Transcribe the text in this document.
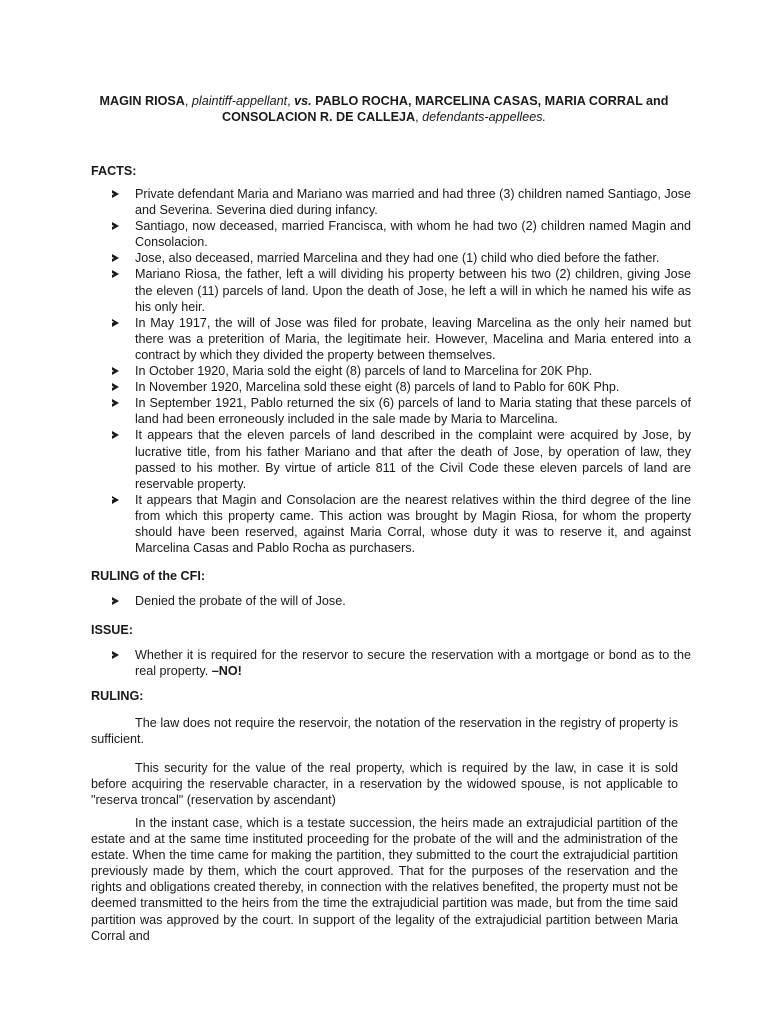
MAGIN RIOSA, plaintiff-appellant, vs. PABLO ROCHA, MARCELINA CASAS, MARIA CORRAL and
CONSOLACION R. DE CALLEJA, defendants-appellees.
FACTS:
Private defendant Maria and Mariano was married and had three (3) children named Santiago, Jose and Severina. Severina died during infancy.
Santiago, now deceased, married Francisca, with whom he had two (2) children named Magin and Consolacion.
Jose, also deceased, married Marcelina and they had one (1) child who died before the father.
Mariano Riosa, the father, left a will dividing his property between his two (2) children, giving Jose the eleven (11) parcels of land. Upon the death of Jose, he left a will in which he named his wife as his only heir.
In May 1917, the will of Jose was filed for probate, leaving Marcelina as the only heir named but there was a preterition of Maria, the legitimate heir. However, Macelina and Maria entered into a contract by which they divided the property between themselves.
In October 1920, Maria sold the eight (8) parcels of land to Marcelina for 20K Php.
In November 1920, Marcelina sold these eight (8) parcels of land to Pablo for 60K Php.
In September 1921, Pablo returned the six (6) parcels of land to Maria stating that these parcels of land had been erroneously included in the sale made by Maria to Marcelina.
It appears that the eleven parcels of land described in the complaint were acquired by Jose, by lucrative title, from his father Mariano and that after the death of Jose, by operation of law, they passed to his mother. By virtue of article 811 of the Civil Code these eleven parcels of land are reservable property.
It appears that Magin and Consolacion are the nearest relatives within the third degree of the line from which this property came. This action was brought by Magin Riosa, for whom the property should have been reserved, against Maria Corral, whose duty it was to reserve it, and against Marcelina Casas and Pablo Rocha as purchasers.
RULING of the CFI:
Denied the probate of the will of Jose.
ISSUE:
Whether it is required for the reservor to secure the reservation with a mortgage or bond as to the real property. –NO!
RULING:

The law does not require the reservoir, the notation of the reservation in the registry of property is sufficient.

This security for the value of the real property, which is required by the law, in case it is sold before acquiring the reservable character, in a reservation by the widowed spouse, is not applicable to "reserva troncal" (reservation by ascendant)

In the instant case, which is a testate succession, the heirs made an extrajudicial partition of the estate and at the same time instituted proceeding for the probate of the will and the administration of the estate. When the time came for making the partition, they submitted to the court the extrajudicial partition previously made by them, which the court approved. That for the purposes of the reservation and the rights and obligations created thereby, in connection with the relatives benefited, the property must not be deemed transmitted to the heirs from the time the extrajudicial partition was made, but from the time said partition was approved by the court. In support of the legality of the extrajudicial partition between Maria Corral and
